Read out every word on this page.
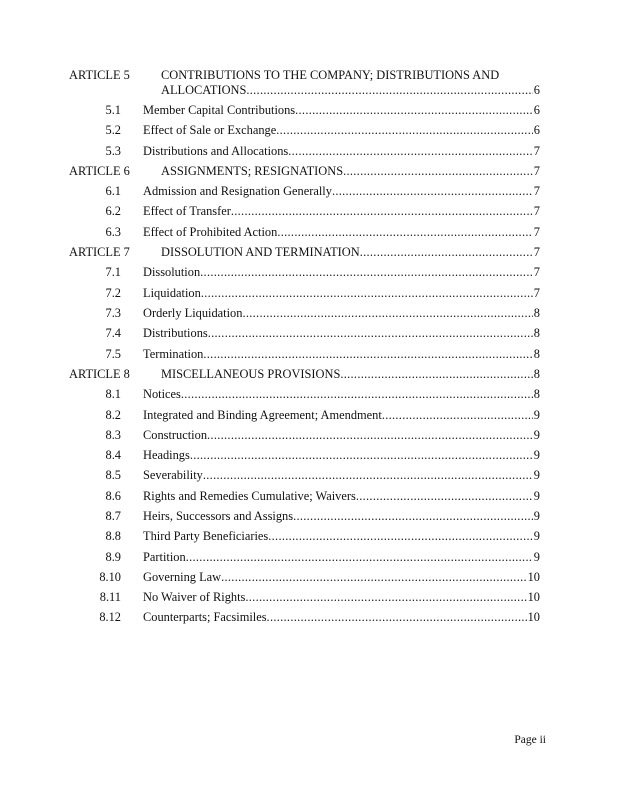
ARTICLE 5	CONTRIBUTIONS TO THE COMPANY; DISTRIBUTIONS AND
ALLOCATIONS .....	6
5.1 Member Capital Contributions .....	6
5.2 Effect of Sale or Exchange .....	6
5.3 Distributions and Allocations .....	7
ARTICLE 6	ASSIGNMENTS; RESIGNATIONS .....	7
6.1 Admission and Resignation Generally .....	7
6.2 Effect of Transfer .....	7
6.3 Effect of Prohibited Action .....	7
ARTICLE 7	DISSOLUTION AND TERMINATION .....	7
7.1 Dissolution .....	7
7.2 Liquidation .....	7
7.3 Orderly Liquidation .....	8
7.4 Distributions .....	8
7.5 Termination .....	8
ARTICLE 8	MISCELLANEOUS PROVISIONS .....	8
8.1 Notices .....	8
8.2 Integrated and Binding Agreement; Amendment .....	9
8.3 Construction .....	9
8.4 Headings .....	9
8.5 Severability .....	9
8.6 Rights and Remedies Cumulative; Waivers .....	9
8.7 Heirs, Successors and Assigns .....	9
8.8 Third Party Beneficiaries .....	9
8.9 Partition .....	9
8.10 Governing Law .....	10
8.11 No Waiver of Rights .....	10
8.12 Counterparts; Facsimiles .....	10
Page ii
